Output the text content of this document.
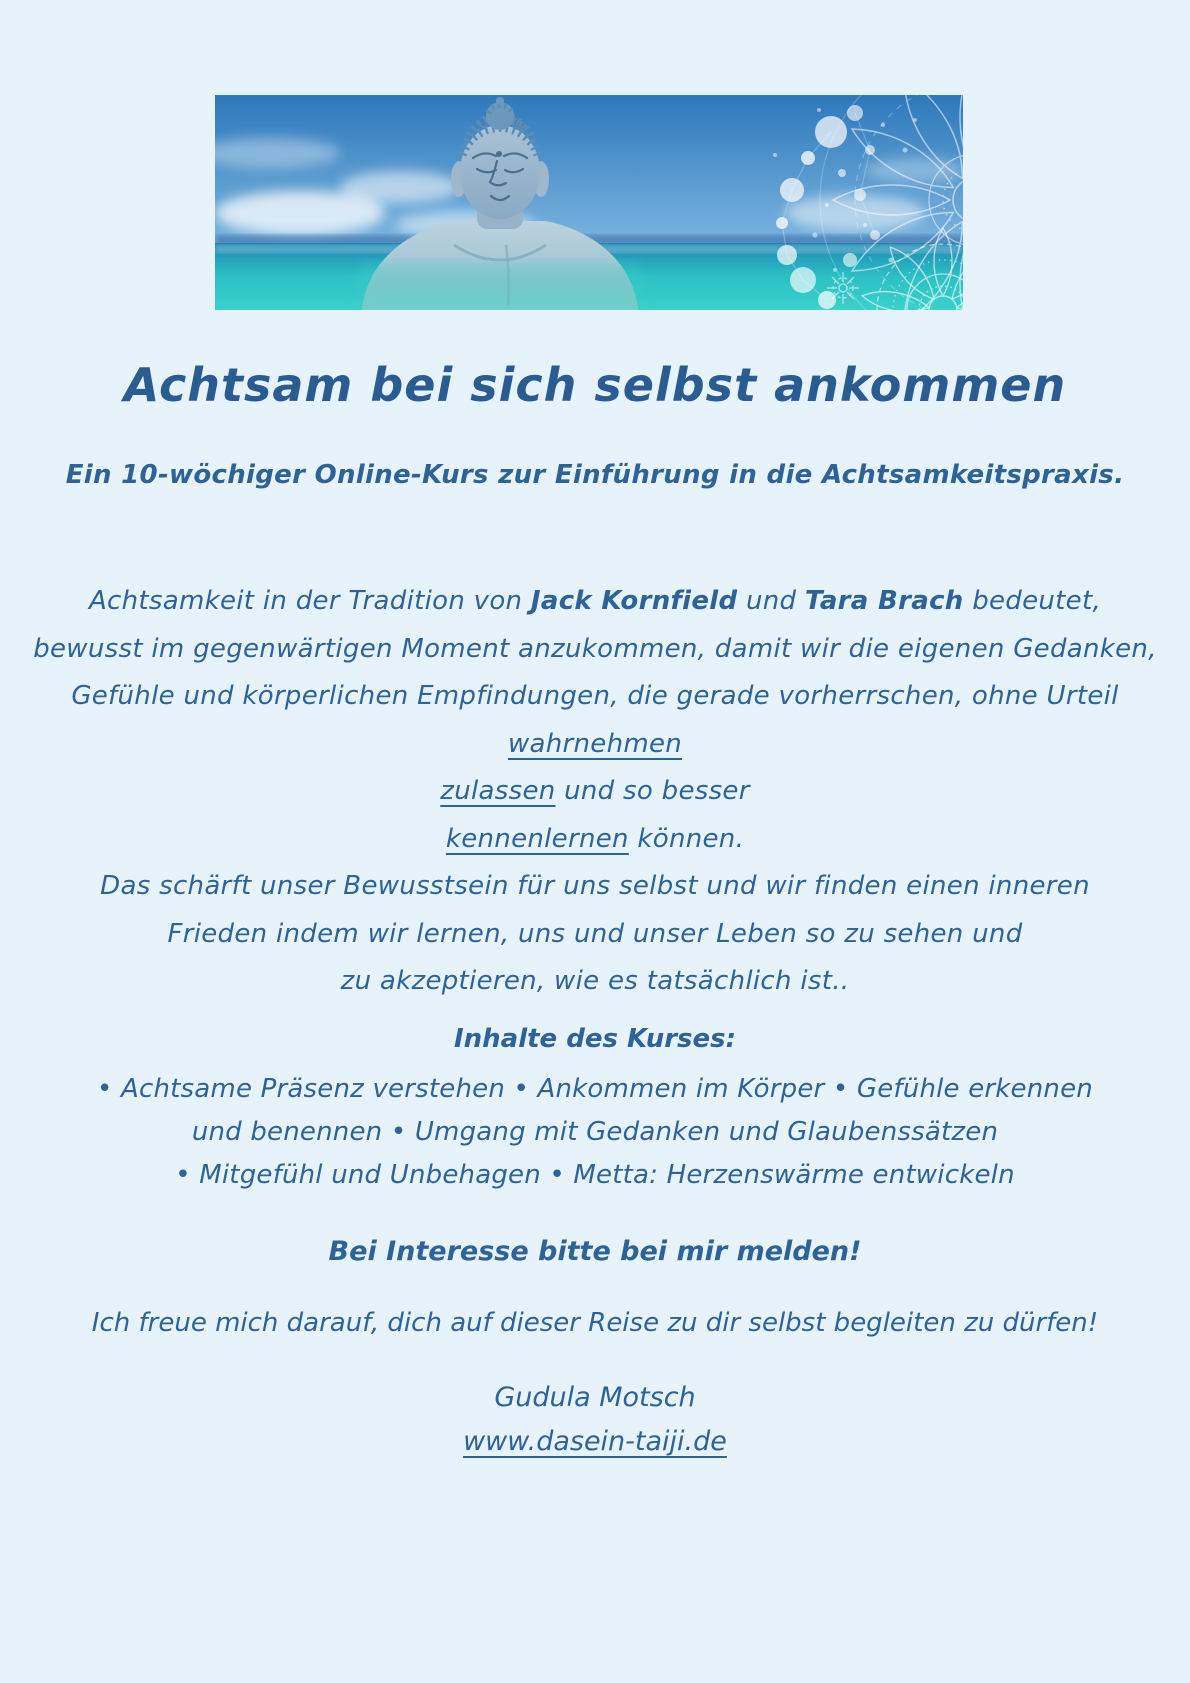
Achtsam bei sich selbst ankommen
Ein 10-wöchiger Online-Kurs zur Einführung in die Achtsamkeitspraxis.
Achtsamkeit in der Tradition von Jack Kornfield und Tara Brach bedeutet,
bewusst im gegenwärtigen Moment anzukommen, damit wir die eigenen Gedanken,
Gefühle und körperlichen Empfindungen, die gerade vorherrschen, ohne Urteil
wahrnehmen
zulassen und so besser
kennenlernen können.
Das schärft unser Bewusstsein für uns selbst und wir finden einen inneren
Frieden indem wir lernen, uns und unser Leben so zu sehen und
zu akzeptieren, wie es tatsächlich ist..
Inhalte des Kurses:
• Achtsame Präsenz verstehen • Ankommen im Körper • Gefühle erkennen
und benennen • Umgang mit Gedanken und Glaubenssätzen
• Mitgefühl und Unbehagen • Metta: Herzenswärme entwickeln
Bei Interesse bitte bei mir melden!
Ich freue mich darauf, dich auf dieser Reise zu dir selbst begleiten zu dürfen!
Gudula Motsch
www.dasein-taiji.de
